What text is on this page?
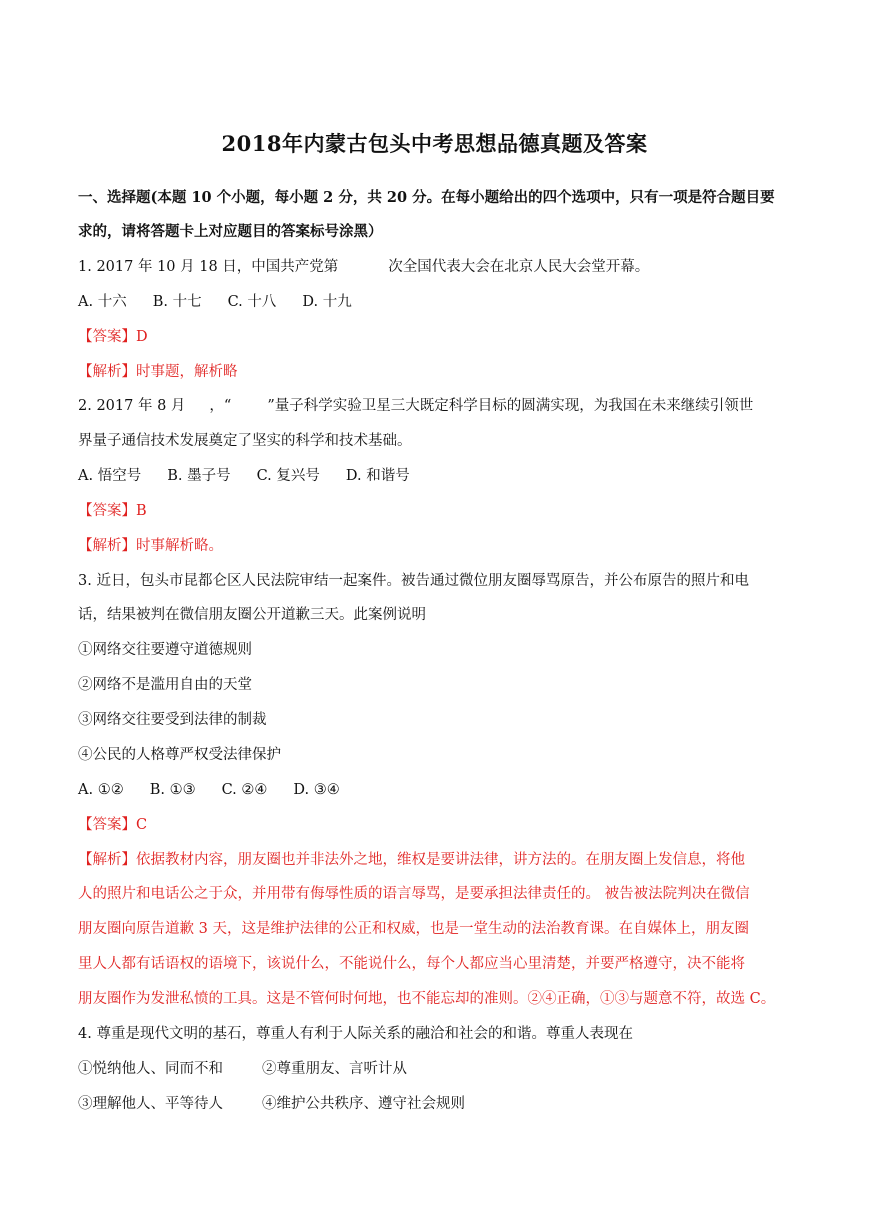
2018年内蒙古包头中考思想品德真题及答案
一、选择题(本题 10 个小题，每小题 2 分，共 20 分。在每小题给出的四个选项中，只有一项是符合题目要
求的，请将答题卡上对应题目的答案标号涂黑）
1. 2017 年 10 月 18 日，中国共产党第	次全国代表大会在北京人民大会堂开幕。
A. 十六 B. 十七 C. 十八 D. 十九
【答案】D
【解析】时事题，解析略
2. 2017 年 8 月 ，“ ”量子科学实验卫星三大既定科学目标的圆满实现，为我国在未来继续引领世
界量子通信技术发展奠定了坚实的科学和技术基础。
A. 悟空号 B. 墨子号 C. 复兴号 D. 和谐号
【答案】B
【解析】时事解析略。
3. 近日，包头市昆都仑区人民法院审结一起案件。被告通过微位朋友圈辱骂原告，并公布原告的照片和电
话，结果被判在微信朋友圈公开道歉三天。此案例说明
①网络交往要遵守道德规则
②网络不是滥用自由的天堂
③网络交往要受到法律的制裁
④公民的人格尊严权受法律保护
A. ①② B. ①③ C. ②④ D. ③④
【答案】C
【解析】依据教材内容，朋友圈也并非法外之地，维权是要讲法律，讲方法的。在朋友圈上发信息，将他
人的照片和电话公之于众，并用带有侮辱性质的语言辱骂，是要承担法律责任的。 被告被法院判决在微信
朋友圈向原告道歉 3 天，这是维护法律的公正和权威，也是一堂生动的法治教育课。在自媒体上，朋友圈
里人人都有话语权的语境下，该说什么，不能说什么，每个人都应当心里清楚，并要严格遵守，决不能将
朋友圈作为发泄私愤的工具。这是不管何时何地，也不能忘却的准则。②④正确，①③与题意不符，故选 C。
4. 尊重是现代文明的基石，尊重人有利于人际关系的融洽和社会的和谐。尊重人表现在
①悦纳他人、同而不和	②尊重朋友、言听计从
③理解他人、平等待人	④维护公共秩序、遵守社会规则
